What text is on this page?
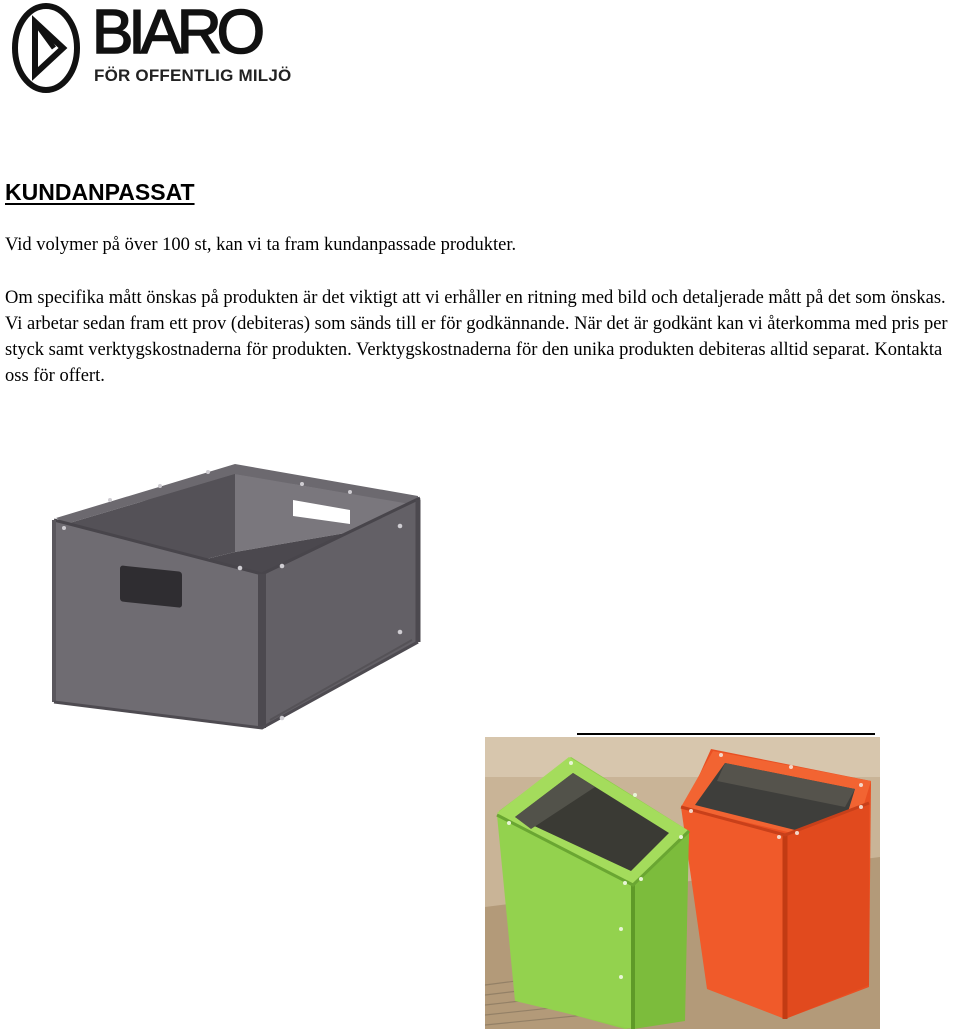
BIARO
FÖR OFFENTLIG MILJÖ
KUNDANPASSAT

Vid volymer på över 100 st, kan vi ta fram kundanpassade produkter.

Om specifika mått önskas på produkten är det viktigt att vi erhåller en ritning med bild och detaljerade mått på det som önskas. Vi arbetar sedan fram ett prov (debiteras) som sänds till er för godkännande. När det är godkänt kan vi återkomma med pris per styck samt verktygskostnaderna för produkten. Verktygskostnaderna för den unika produkten debiteras alltid separat. Kontakta oss för offert.
